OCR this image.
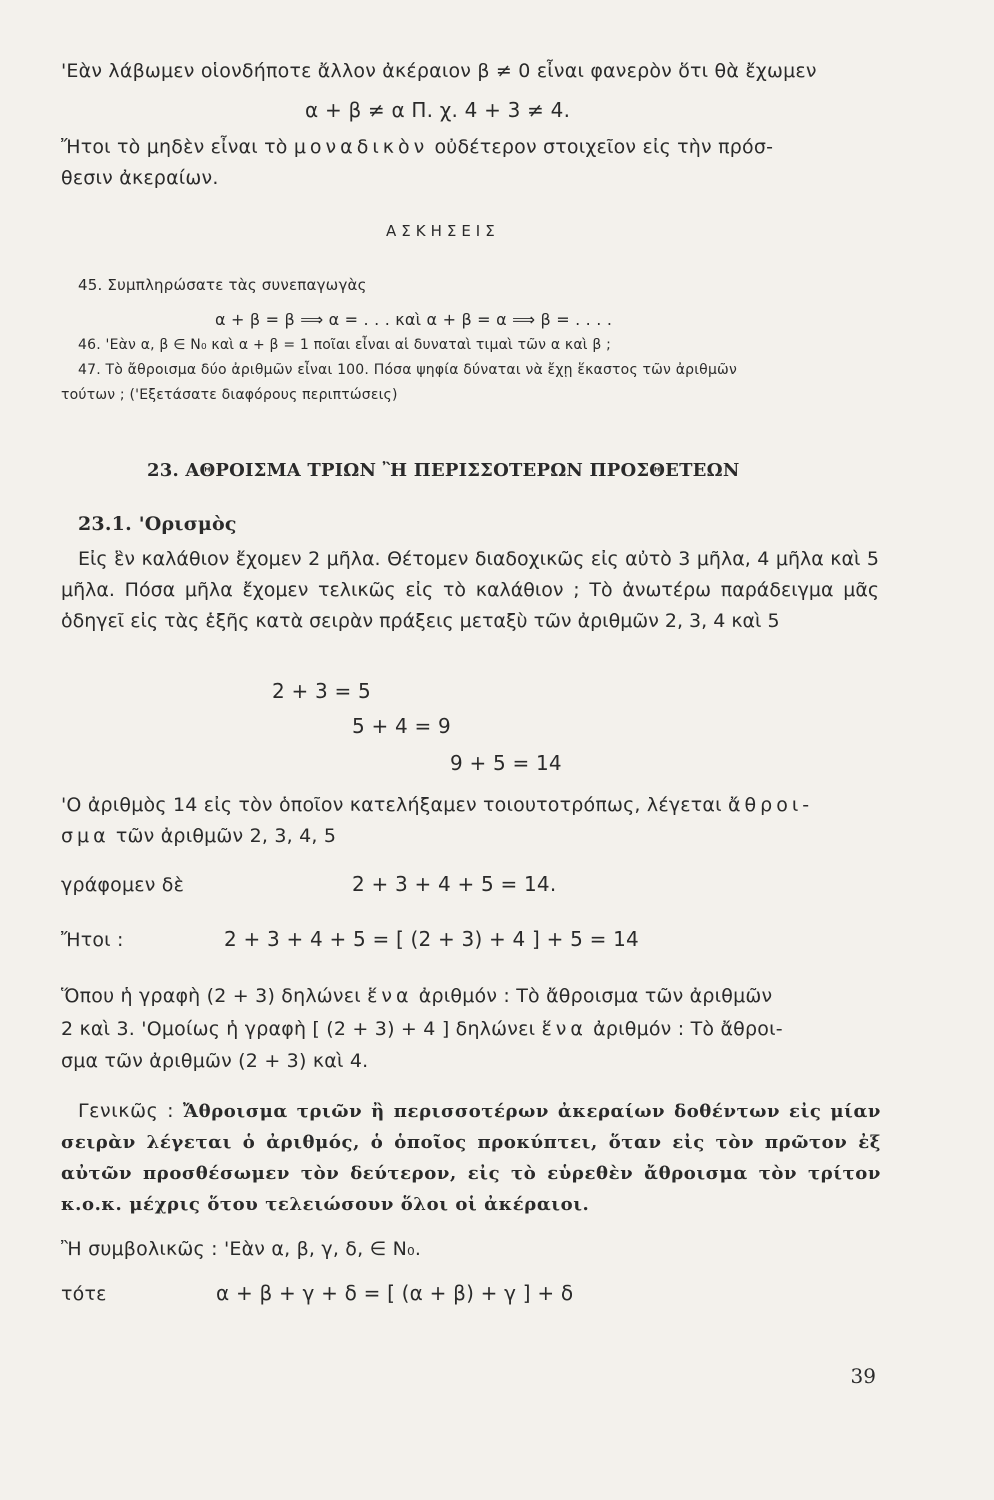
'Εὰν λάβωμεν οἱονδήποτε ἄλλον ἀκέραιον β ≠ 0 εἶναι φανερὸν ὅτι θὰ ἔχωμεν
α + β ≠ α Π. χ. 4 + 3 ≠ 4.
Ἤτοι τὸ μηδὲν εἶναι τὸ μοναδικὸν οὐδέτερον στοιχεῖον εἰς τὴν πρόσ-
θεσιν ἀκεραίων.
ΑΣΚΗΣΕΙΣ
45. Συμπληρώσατε τὰς συνεπαγωγὰς
α + β = β ⟹ α = . . . καὶ α + β = α ⟹ β = . . . .
46. 'Εὰν α, β ∈ N₀ καὶ α + β = 1 ποῖαι εἶναι αἱ δυναταὶ τιμαὶ τῶν α καὶ β ;
47. Τὸ ἄθροισμα δύο ἀριθμῶν εἶναι 100. Πόσα ψηφία δύναται νὰ ἔχῃ ἕκαστος τῶν ἀριθμῶν
τούτων ; ('Εξετάσατε διαφόρους περιπτώσεις)
23. ΑΘΡΟΙΣΜΑ ΤΡΙΩΝ Ἢ ΠΕΡΙΣΣΟΤΕΡΩΝ ΠΡΟΣΘΕΤΕΩΝ
23.1. 'Ορισμὸς
Εἰς ἓν καλάθιον ἔχομεν 2 μῆλα. Θέτομεν διαδοχικῶς εἰς αὐτὸ 3 μῆλα, 4 μῆλα καὶ 5 μῆλα. Πόσα μῆλα ἔχομεν τελικῶς εἰς τὸ καλάθιον ; Τὸ ἀνωτέρω παράδειγμα μᾶς ὁδηγεῖ εἰς τὰς ἑξῆς κατὰ σειρὰν πράξεις μεταξὺ τῶν ἀριθμῶν 2, 3, 4 καὶ 5
2 + 3 = 5
5 + 4 = 9
9 + 5 = 14
'Ο ἀριθμὸς 14 εἰς τὸν ὁποῖον κατελήξαμεν τοιουτοτρόπως, λέγεται ἄθροι-
σμα τῶν ἀριθμῶν 2, 3, 4, 5
γράφομεν δὲ	2 + 3 + 4 + 5 = 14.
Ἤτοι :	2 + 3 + 4 + 5 = [ (2 + 3) + 4 ] + 5 = 14
Ὅπου ἡ γραφὴ (2 + 3) δηλώνει ἕνα ἀριθμόν : Τὸ ἄθροισμα τῶν ἀριθμῶν
2 καὶ 3. 'Ομοίως ἡ γραφὴ [ (2 + 3) + 4 ] δηλώνει ἕνα ἀριθμόν : Τὸ ἄθροι-
σμα τῶν ἀριθμῶν (2 + 3) καὶ 4.
Γενικῶς : Ἄθροισμα τριῶν ἢ περισσοτέρων ἀκεραίων δοθέντων εἰς μίαν σειρὰν λέγεται ὁ ἀριθμός, ὁ ὁποῖος προκύπτει, ὅταν εἰς τὸν πρῶτον ἐξ αὐτῶν προσθέσωμεν τὸν δεύτερον, εἰς τὸ εὑρεθὲν ἄθροισμα τὸν τρίτον κ.ο.κ. μέχρις ὅτου τελειώσουν ὅλοι οἱ ἀκέραιοι.
Ἢ συμβολικῶς : 'Εὰν α, β, γ, δ, ∈ N₀.
τότε	α + β + γ + δ = [ (α + β) + γ ] + δ
39
